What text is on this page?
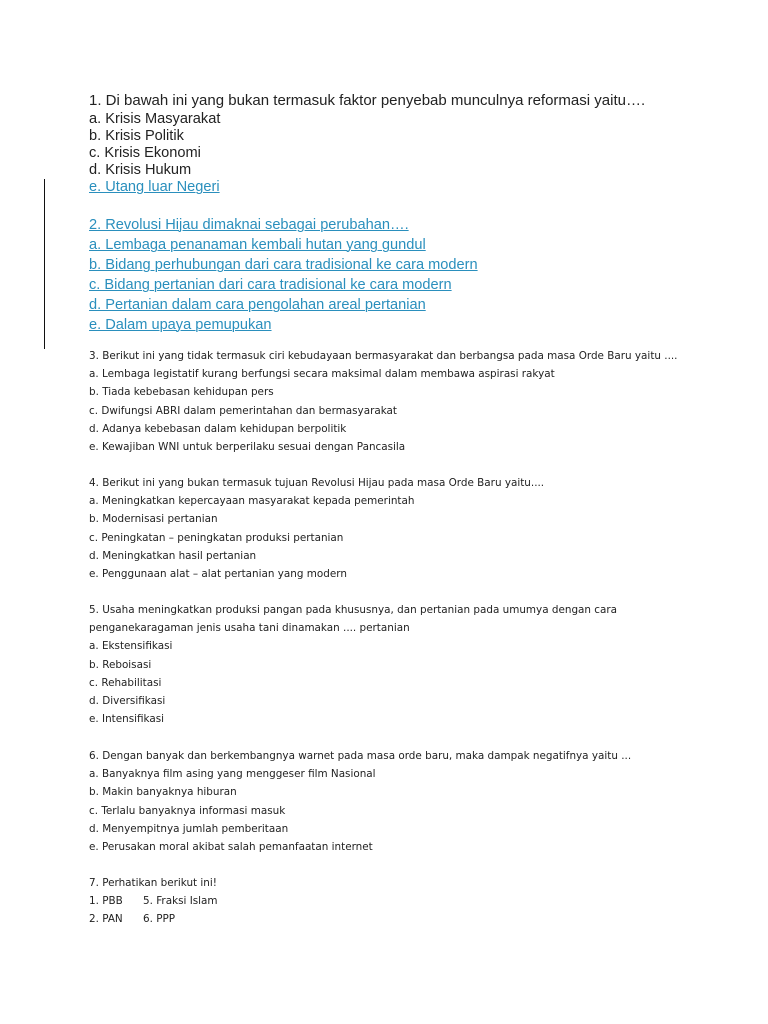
1. Di bawah ini yang bukan termasuk faktor penyebab munculnya reformasi yaitu….

a. Krisis Masyarakat

b. Krisis Politik

c. Krisis Ekonomi

d. Krisis Hukum

e. Utang luar Negeri

2. Revolusi Hijau dimaknai sebagai perubahan….

a. Lembaga penanaman kembali hutan yang gundul

b. Bidang perhubungan dari cara tradisional ke cara modern

c. Bidang pertanian dari cara tradisional ke cara modern

d. Pertanian dalam cara pengolahan areal pertanian

e. Dalam upaya pemupukan

3. Berikut ini yang tidak termasuk ciri kebudayaan bermasyarakat dan berbangsa pada masa Orde Baru yaitu ....

a. Lembaga legistatif kurang berfungsi secara maksimal dalam membawa aspirasi rakyat

b. Tiada kebebasan kehidupan pers

c. Dwifungsi ABRI dalam pemerintahan dan bermasyarakat

d. Adanya kebebasan dalam kehidupan berpolitik

e. Kewajiban WNI untuk berperilaku sesuai dengan Pancasila

4. Berikut ini yang bukan termasuk tujuan Revolusi Hijau pada masa Orde Baru yaitu....

a. Meningkatkan kepercayaan masyarakat kepada pemerintah

b. Modernisasi pertanian

c. Peningkatan – peningkatan produksi pertanian

d. Meningkatkan hasil pertanian

e. Penggunaan alat – alat pertanian yang modern

5. Usaha meningkatkan produksi pangan pada khususnya, dan pertanian pada umumya dengan cara

penganekaragaman jenis usaha tani dinamakan .... pertanian

a. Ekstensifikasi

b. Reboisasi

c. Rehabilitasi

d. Diversifikasi

e. Intensifikasi

6. Dengan banyak dan berkembangnya warnet pada masa orde baru, maka dampak negatifnya yaitu ...

a. Banyaknya film asing yang menggeser film Nasional

b. Makin banyaknya hiburan

c. Terlalu banyaknya informasi masuk

d. Menyempitnya jumlah pemberitaan

e. Perusakan moral akibat salah pemanfaatan internet

7. Perhatikan berikut ini!

1. PBB 5. Fraksi Islam

2. PAN 6. PPP
